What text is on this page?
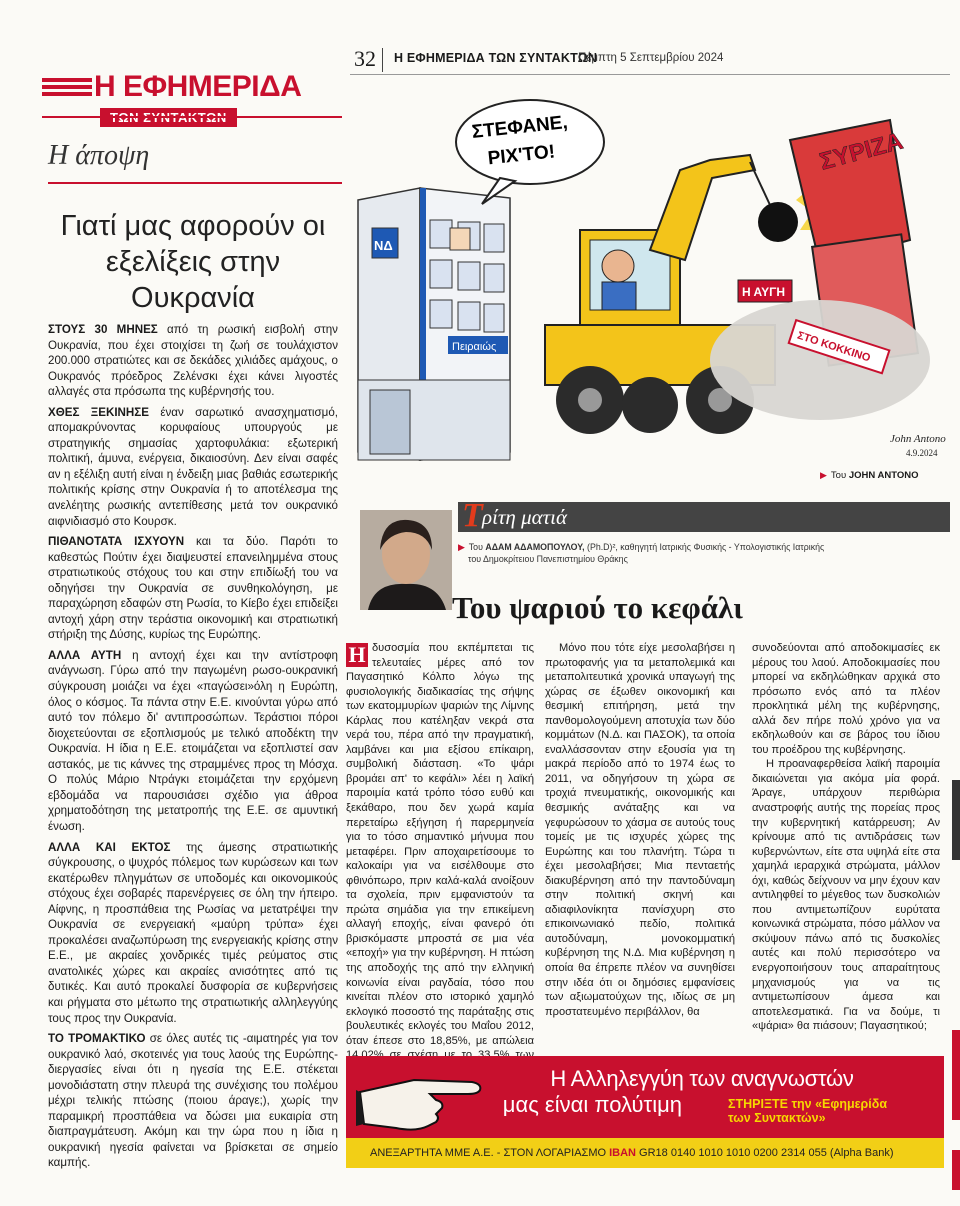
Η ΕΦΗΜΕΡΙΔΑ
Η άποψη
Γιατί μας αφορούν οι εξελίξεις στην Ουκρανία

ΣΤΟΥΣ 30 ΜΗΝΕΣ από τη ρωσική εισβολή στην Ουκρανία, που έχει στοιχίσει τη ζωή σε τουλάχιστον 200.000 στρατιώτες και σε δεκάδες χιλιάδες αμάχους, ο Ουκρανός πρόεδρος Ζελένσκι έχει κάνει λιγοστές αλλαγές στα πρόσωπα της κυβέρνησής του.

ΧΘΕΣ ΞΕΚΙΝΗΣΕ έναν σαρωτικό ανασχηματισμό, απομακρύνοντας κορυφαίους υπουργούς με στρατηγικής σημασίας χαρτοφυλάκια: εξωτερική πολιτική, άμυνα, ενέργεια, δικαιοσύνη. Δεν είναι σαφές αν η εξέλιξη αυτή είναι η ένδειξη μιας βαθιάς εσωτερικής πολιτικής κρίσης στην Ουκρανία ή το αποτέλεσμα της ανελέητης ρωσικής αντεπίθεσης μετά τον ουκρανικό αιφνιδιασμό στο Κουρσκ.

ΠΙΘΑΝΟΤΑΤΑ ΙΣΧΥΟΥΝ και τα δύο. Παρότι το καθεστώς Πούτιν έχει διαψευστεί επανειλημμένα στους στρατιωτικούς στόχους του και στην επιδίωξή του να οδηγήσει την Ουκρανία σε συνθηκολόγηση, με παραχώρηση εδαφών στη Ρωσία, το Κίεβο έχει επιδείξει αντοχή χάρη στην τεράστια οικονομική και στρατιωτική στήριξη της Δύσης, κυρίως της Ευρώπης.

ΑΛΛΑ ΑΥΤΗ η αντοχή έχει και την αντίστροφη ανάγνωση. Γύρω από την παγωμένη ρωσο-ουκρανική σύγκρουση μοιάζει να έχει «παγώσει»όλη η Ευρώπη, όλος ο κόσμος. Τα πάντα στην Ε.Ε. κινούνται γύρω από αυτό τον πόλεμο δι' αντιπροσώπων. Τεράστιοι πόροι διοχετεύονται σε εξοπλισμούς με τελικό αποδέκτη την Ουκρανία. Η ίδια η Ε.Ε. ετοιμάζεται να εξοπλιστεί σαν αστακός, με τις κάννες της στραμμένες προς τη Μόσχα. Ο πολύς Μάριο Ντράγκι ετοιμάζεται την ερχόμενη εβδομάδα να παρουσιάσει σχέδιο για άθροα χρηματοδότηση της μετατροπής της Ε.Ε. σε αμυντική ένωση.

ΑΛΛΑ ΚΑΙ ΕΚΤΟΣ της άμεσης στρατιωτικής σύγκρουσης, ο ψυχρός πόλεμος των κυρώσεων και των εκατέρωθεν πληγμάτων σε υποδομές και οικονομικούς στόχους έχει σοβαρές παρενέργειες σε όλη την ήπειρο. Αίφνης, η προσπάθεια της Ρωσίας να μετατρέψει την Ουκρανία σε ενεργειακή «μαύρη τρύπα» έχει προκαλέσει αναζωπύρωση της ενεργειακής κρίσης στην Ε.Ε., με ακραίες χονδρικές τιμές ρεύματος στις ανατολικές χώρες και ακραίες ανισότητες από τις δυτικές. Και αυτό προκαλεί δυσφορία σε κυβερνήσεις και ρήγματα στο μέτωπο της στρατιωτικής αλληλεγγύης τους προς την Ουκρανία.

ΤΟ ΤΡΟΜΑΚΤΙΚΟ σε όλες αυτές τις -αιματηρές για τον ουκρανικό λαό, σκοτεινές για τους λαούς της Ευρώπης- διεργασίες είναι ότι η ηγεσία της Ε.Ε. στέκεται μονοδιάστατη στην πλευρά της συνέχισης του πολέμου μέχρι τελικής πτώσης (ποιου άραγε;), χωρίς την παραμικρή προσπάθεια να δώσει μια ευκαιρία στη διαπραγμάτευση. Ακόμη και την ώρα που η ίδια η ουκρανική ηγεσία φαίνεται να βρίσκεται σε σημείο καμπής.

32 Η ΕΦΗΜΕΡΙΔΑ ΤΩΝ ΣΥΝΤΑΚΤΩΝ
Πέμπτη 5 Σεπτεμβρίου 2024
Πειραιώς
ΝΔ
ΣΤΕΦΑΝΕ,
ΡΙΧ'ΤΟ!	ΣΥΡΙΖΑ
Η ΑΥΓΗ
ΣΤΟ ΚΟΚΚΙΝΟ
John Antono
4.9.2024
▶ Του JOHN ANTONO
Τ ρίτη ματιά
▶ Του ΑΔΑΜ ΑΔΑΜΟΠΟΥΛΟΥ, (Ph.D)², καθηγητή Ιατρικής Φυσικής - Υπολογιστικής Ιατρικής
του Δημοκρίτειου Πανεπιστημίου Θράκης
Του ψαριού το κεφάλι
Η δυσοσμία που εκπέμπεται τις τελευταίες μέρες από τον Παγασητικό Κόλπο λόγω της φυσιολογικής διαδικασίας της σήψης των εκατομμυρίων ψαριών της Λίμνης Κάρλας που κατέληξαν νεκρά στα νερά του, πέρα από την πραγματική, λαμβάνει και μια εξίσου επίκαιρη, συμβολική διάσταση. «Το ψάρι βρομάει απ' το κεφάλι» λέει η λαϊκή παροιμία κατά τρόπο τόσο ευθύ και ξεκάθαρο, που δεν χωρά καμία περεταίρω εξήγηση ή παρερμηνεία για το τόσο σημαντικό μήνυμα που μεταφέρει. Πριν αποχαιρετίσουμε το καλοκαίρι για να εισέλθουμε στο φθινόπωρο, πριν καλά-καλά ανοίξουν τα σχολεία, πριν εμφανιστούν τα πρώτα σημάδια για την επικείμενη αλλαγή εποχής, είναι φανερό ότι βρισκόμαστε μπροστά σε μια νέα «εποχή» για την κυβέρνηση. Η πτώση της αποδοχής της από την ελληνική κοινωνία είναι ραγδαία, τόσο που κινείται πλέον στο ιστορικό χαμηλό εκλογικό ποσοστό της παράταξης στις βουλευτικές εκλογές του Μαΐου 2012, όταν έπεσε στο 18,85%, με απώλεια

Μόνο που τότε είχε μεσολαβήσει η πρωτοφανής για τα μεταπολεμικά και μεταπολιτευτικά χρονικά υπαγωγή της χώρας σε έξωθεν οικονομική και θεσμική επιτήρηση, μετά την πανθομολογούμενη αποτυχία των δύο κομμάτων (Ν.Δ. και ΠΑΣΟΚ), τα οποία εναλλάσσονταν στην εξουσία για τη μακρά περίοδο από το 1974 έως το 2011, να οδηγήσουν τη χώρα σε τροχιά πνευματικής, οικονομικής και θεσμικής ανάταξης και να γεφυρώσουν το χάσμα σε αυτούς τους τομείς με τις ισχυρές χώρες της Ευρώπης και του πλανήτη. Τώρα τι έχει μεσολαβήσει; Μια πενταετής διακυβέρνηση από την παντοδύναμη στην πολιτική σκηνή και αδιαφιλονίκητα πανίσχυρη στο επικοινωνιακό πεδίο, πολιτικά αυτοδύναμη, μονοκομματική κυβέρνηση της Ν.Δ. Μια κυβέρνηση η οποία θα έπρεπε πλέον να συνηθίσει στην ιδέα ότι οι δημόσιες εμφανίσεις των αξιωματούχων της, ιδίως σε μη προστατευμένο περιβάλλον, θα

συνοδεύονται από αποδοκιμασίες εκ μέρους του λαού. Αποδοκιμασίες που μπορεί να εκδηλώθηκαν αρχικά στο πρόσωπο ενός από τα πλέον προκλητικά μέλη της κυβέρνησης, αλλά δεν πήρε πολύ χρόνο για να εκδηλωθούν και σε βάρος του ίδιου του προέδρου της κυβέρνησης.

Η προαναφερθείσα λαϊκή παροιμία δικαιώνεται για ακόμα μία φορά. Άραγε, υπάρχουν περιθώρια αναστροφής αυτής της πορείας προς την κυβερνητική κατάρρευση; Αν κρίνουμε από τις αντιδράσεις των κυβερνώντων, είτε στα υψηλά είτε στα χαμηλά ιεραρχικά στρώματα, μάλλον όχι, καθώς δείχνουν να μην έχουν καν αντιληφθεί το μέγεθος των δυσκολιών που αντιμετωπίζουν ευρύτατα κοινωνικά στρώματα, πόσο μάλλον να σκύψουν πάνω από τις δυσκολίες αυτές και πολύ περισσότερο να ενεργοποιήσουν τους απαραίτητους μηχανισμούς για να τις αντιμετωπίσουν άμεσα και αποτελεσματικά. Για να δούμε, τι «ψάρια» θα πιάσουν; Παγασητικού;

Η Αλληλεγγύη των αναγνωστών
μας είναι πολύτιμη	ΣΤΗΡΙΞΤΕ την «Εφημερίδα
των Συντακτών»
ΑΝΕΞΑΡΤΗΤΑ ΜΜΕ Α.Ε. - ΣΤΟΝ ΛΟΓΑΡΙΑΣΜΟ IBAN GR18 0140 1010 1010 0200 2314 055 (Alpha Bank)
